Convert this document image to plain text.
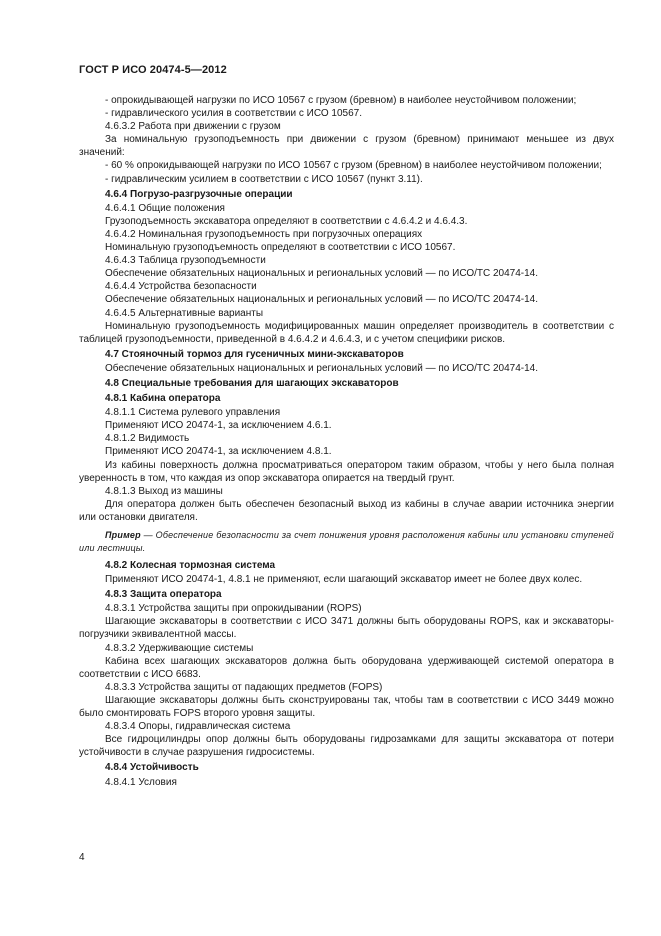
ГОСТ Р ИСО 20474-5—2012

- опрокидывающей нагрузки по ИСО 10567 с грузом (бревном) в наиболее неустойчивом положении;

- гидравлического усилия в соответствии с ИСО 10567.

4.6.3.2 Работа при движении с грузом

За номинальную грузоподъемность при движении с грузом (бревном) принимают меньшее из двух значений:

- 60 % опрокидывающей нагрузки по ИСО 10567 с грузом (бревном) в наиболее неустойчивом положении;

- гидравлическим усилием в соответствии с ИСО 10567 (пункт 3.11).

4.6.4 Погрузо-разгрузочные операции

4.6.4.1 Общие положения

Грузоподъемность экскаватора определяют в соответствии с 4.6.4.2 и 4.6.4.3.

4.6.4.2 Номинальная грузоподъемность при погрузочных операциях

Номинальную грузоподъемность определяют в соответствии с ИСО 10567.

4.6.4.3 Таблица грузоподъемности

Обеспечение обязательных национальных и региональных условий — по ИСО/ТС 20474-14.

4.6.4.4 Устройства безопасности

Обеспечение обязательных национальных и региональных условий — по ИСО/ТС 20474-14.

4.6.4.5 Альтернативные варианты

Номинальную грузоподъемность модифицированных машин определяет производитель в соответствии с таблицей грузоподъемности, приведенной в 4.6.4.2 и 4.6.4.3, и с учетом специфики рисков.

4.7 Стояночный тормоз для гусеничных мини-экскаваторов

Обеспечение обязательных национальных и региональных условий — по ИСО/ТС 20474-14.

4.8 Специальные требования для шагающих экскаваторов

4.8.1 Кабина оператора

4.8.1.1 Система рулевого управления

Применяют ИСО 20474-1, за исключением 4.6.1.

4.8.1.2 Видимость

Применяют ИСО 20474-1, за исключением 4.8.1.

Из кабины поверхность должна просматриваться оператором таким образом, чтобы у него была полная уверенность в том, что каждая из опор экскаватора опирается на твердый грунт.

4.8.1.3 Выход из машины

Для оператора должен быть обеспечен безопасный выход из кабины в случае аварии источника энергии или остановки двигателя.

Пример — Обеспечение безопасности за счет понижения уровня расположения кабины или установки ступеней или лестницы.

4.8.2 Колесная тормозная система

Применяют ИСО 20474-1, 4.8.1 не применяют, если шагающий экскаватор имеет не более двух колес.

4.8.3 Защита оператора

4.8.3.1 Устройства защиты при опрокидывании (ROPS)

Шагающие экскаваторы в соответствии с ИСО 3471 должны быть оборудованы ROPS, как и экскаваторы-погрузчики эквивалентной массы.

4.8.3.2 Удерживающие системы

Кабина всех шагающих экскаваторов должна быть оборудована удерживающей системой оператора в соответствии с ИСО 6683.

4.8.3.3 Устройства защиты от падающих предметов (FOPS)

Шагающие экскаваторы должны быть сконструированы так, чтобы там в соответствии с ИСО 3449 можно было смонтировать FOPS второго уровня защиты.

4.8.3.4 Опоры, гидравлическая система

Все гидроцилиндры опор должны быть оборудованы гидрозамками для защиты экскаватора от потери устойчивости в случае разрушения гидросистемы.

4.8.4 Устойчивость

4.8.4.1 Условия

4
